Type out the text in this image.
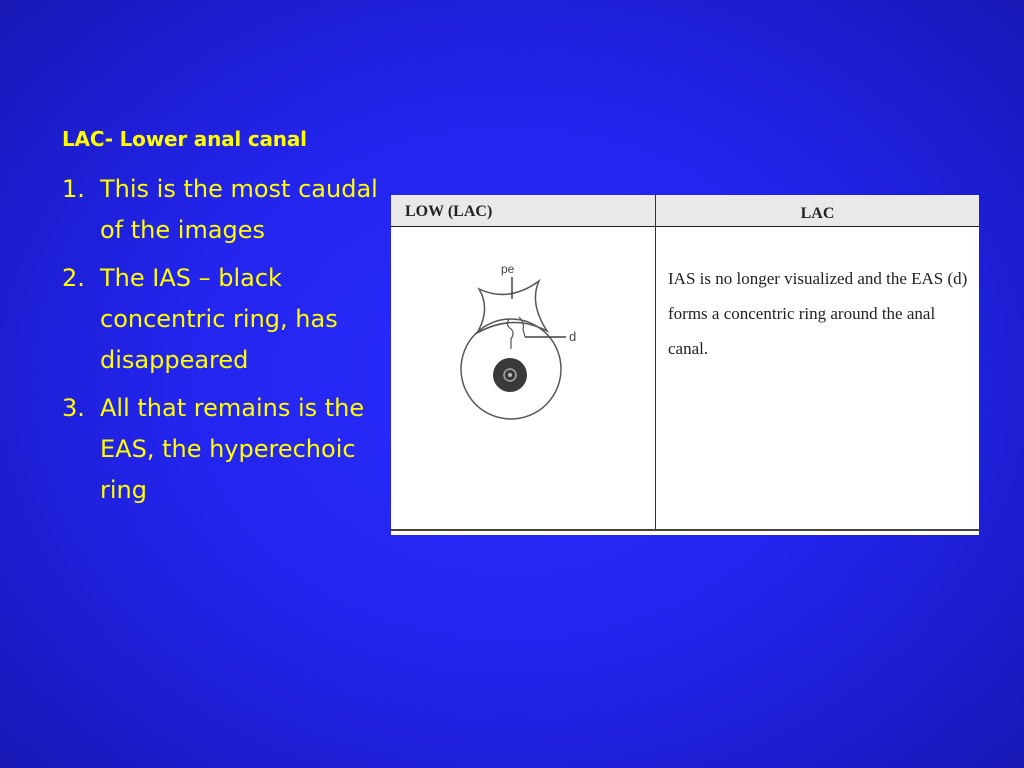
LAC- Lower anal canal
1. This is the most caudal of the images
2. The IAS – black concentric ring, has disappeared
3. All that remains is the EAS, the hyperechoic ring
LOW (LAC)	LAC
pe
d
IAS is no longer visualized and the EAS (d) forms a concentric ring around the anal canal.
